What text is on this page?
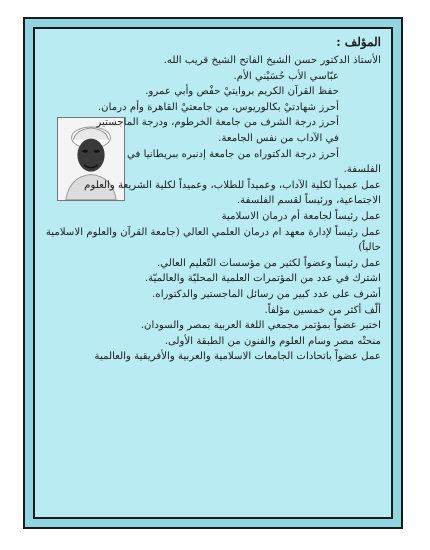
المؤلف :
الأستاذ الدكتور حسن الشيخ الفاتح الشيخ قريب الله.
عبّاسي الأب حُسَيْني الأم.
حفظ القرآن الكريم بروايتيْ حفْص وأبي عمرو.
أحرز شهادتيْ بكالوريوس، من جامعتيْ القاهرة وأم درمان.
أحرز درجة الشرف من جامعة الخرطوم، ودرجة الماجستير
في الآداب من نفس الجامعة.
أحرز درجة الدكتوراه من جامعة إدنبره ببريطانيا في
الفلسفة.
عمل عميداً لكلية الآداب، وعميداً للطلاب، وعميداً لكلية الشريعة والعلوم
الاجتماعية، ورئيساً لقسم الفلسفة.
عمل رئيساً لجامعة أم درمان الاسلامية
عمل رئيساً لإدارة معهد ام درمان العلمي العالي (جامعة القرآن والعلوم الاسلامية
حالياً)
عمل رئيساً وعضواً لكثير من مؤسسات التّعليم العالي.
اشترك في عدد من المؤتمرات العلمية المحليّة والعالميّة.
أشرف على عدد كبير من رسائل الماجستير والدكتوراه.
ألّف أكثر من خمسين مؤلفاً.
اختير عضواً بمؤتمر مجمعي اللغة العربية بمصر والسودان.
منحتْه مصر وسام العلوم والفنون من الطبقة الأولى.
عمل عضواً باتحادات الجامعات الاسلامية والعربية والأفريقية والعالمية
